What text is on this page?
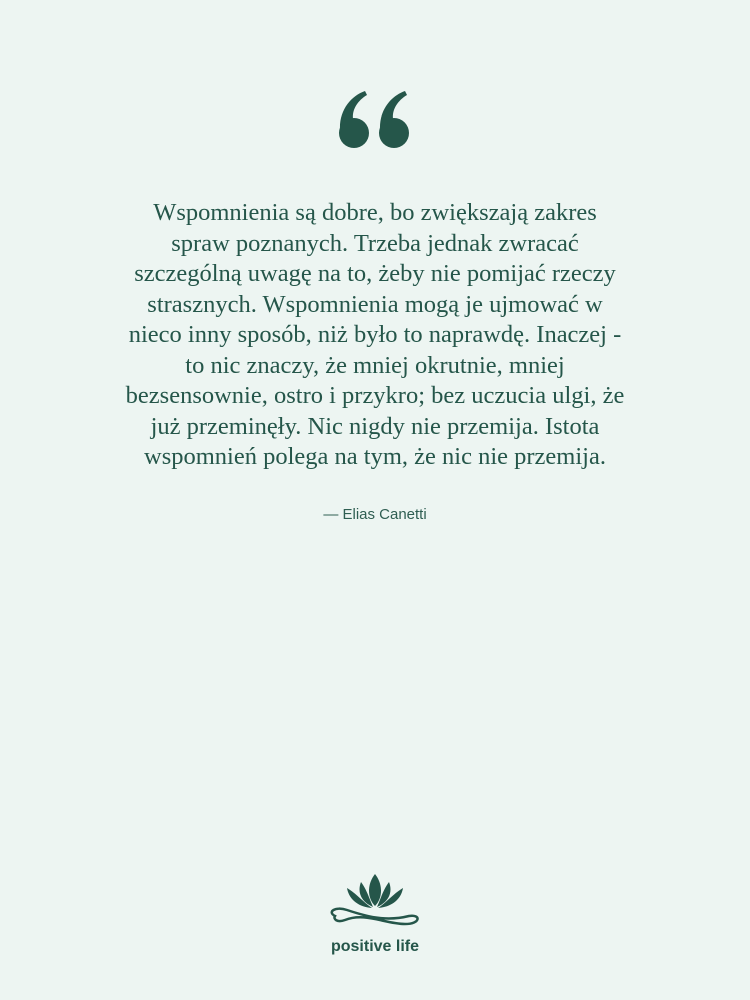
Wspomnienia są dobre, bo zwiększają zakres
spraw poznanych. Trzeba jednak zwracać
szczególną uwagę na to, żeby nie pomijać rzeczy
strasznych. Wspomnienia mogą je ujmować w
nieco inny sposób, niż było to naprawdę. Inaczej -
to nic znaczy, że mniej okrutnie, mniej
bezsensownie, ostro i przykro; bez uczucia ulgi, że
już przeminęły. Nic nigdy nie przemija. Istota
wspomnień polega na tym, że nic nie przemija.
— Elias Canetti
positive life
